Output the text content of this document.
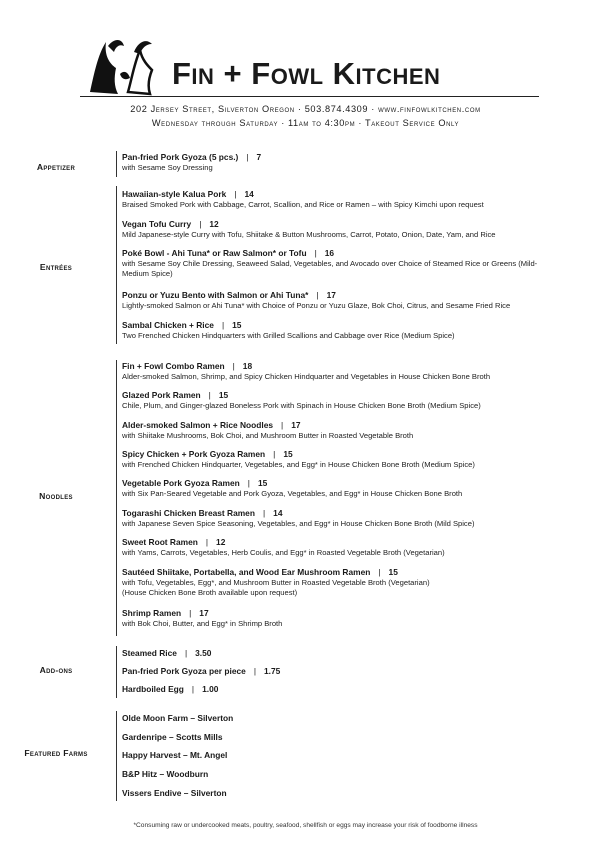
Fin + Fowl Kitchen
202 Jersey Street, Silverton Oregon · 503.874.4309 · www.finfowlkitchen.com
Wednesday through Saturday · 11am to 4:30pm · Takeout Service Only
Appetizer
Pan-fried Pork Gyoza (5 pcs.) | 7
with Sesame Soy Dressing
Entrées
Hawaiian-style Kalua Pork | 14
Braised Smoked Pork with Cabbage, Carrot, Scallion, and Rice or Ramen – with Spicy Kimchi upon request
Vegan Tofu Curry | 12
Mild Japanese-style Curry with Tofu, Shiitake & Button Mushrooms, Carrot, Potato, Onion, Date, Yam, and Rice
Poké Bowl - Ahi Tuna* or Raw Salmon* or Tofu | 16
with Sesame Soy Chile Dressing, Seaweed Salad, Vegetables, and Avocado over Choice of Steamed Rice or Greens (Mild-Medium Spice)
Ponzu or Yuzu Bento with Salmon or Ahi Tuna* | 17
Lightly-smoked Salmon or Ahi Tuna* with Choice of Ponzu or Yuzu Glaze, Bok Choi, Citrus, and Sesame Fried Rice
Sambal Chicken + Rice | 15
Two Frenched Chicken Hindquarters with Grilled Scallions and Cabbage over Rice (Medium Spice)
Noodles
Fin + Fowl Combo Ramen | 18
Alder-smoked Salmon, Shrimp, and Spicy Chicken Hindquarter and Vegetables in House Chicken Bone Broth
Glazed Pork Ramen | 15
Chile, Plum, and Ginger-glazed Boneless Pork with Spinach in House Chicken Bone Broth (Medium Spice)
Alder-smoked Salmon + Rice Noodles | 17
with Shiitake Mushrooms, Bok Choi, and Mushroom Butter in Roasted Vegetable Broth
Spicy Chicken + Pork Gyoza Ramen | 15
with Frenched Chicken Hindquarter, Vegetables, and Egg* in House Chicken Bone Broth (Medium Spice)
Vegetable Pork Gyoza Ramen | 15
with Six Pan-Seared Vegetable and Pork Gyoza, Vegetables, and Egg* in House Chicken Bone Broth
Togarashi Chicken Breast Ramen | 14
with Japanese Seven Spice Seasoning, Vegetables, and Egg* in House Chicken Bone Broth (Mild Spice)
Sweet Root Ramen | 12
with Yams, Carrots, Vegetables, Herb Coulis, and Egg* in Roasted Vegetable Broth (Vegetarian)
Sautéed Shiitake, Portabella, and Wood Ear Mushroom Ramen | 15
with Tofu, Vegetables, Egg*, and Mushroom Butter in Roasted Vegetable Broth (Vegetarian)
(House Chicken Bone Broth available upon request)
Shrimp Ramen | 17
with Bok Choi, Butter, and Egg* in Shrimp Broth
Add-ons
Steamed Rice | 3.50
Pan-fried Pork Gyoza per piece | 1.75
Hardboiled Egg | 1.00
Featured Farms
Olde Moon Farm – Silverton
Gardenripe – Scotts Mills
Happy Harvest – Mt. Angel
B&P Hitz – Woodburn
Vissers Endive – Silverton
*Consuming raw or undercooked meats, poultry, seafood, shellfish or eggs may increase your risk of foodborne illness
